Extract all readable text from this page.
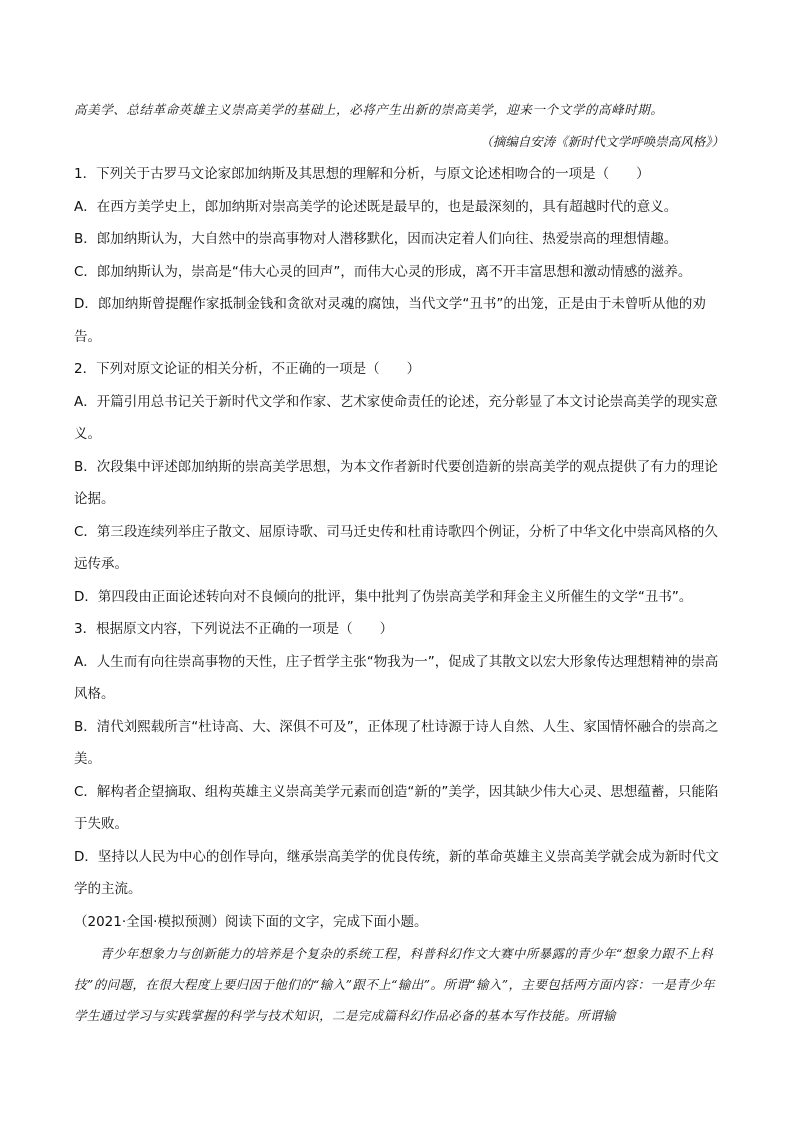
高美学、总结革命英雄主义崇高美学的基础上，必将产生出新的崇高美学，迎来一个文学的高峰时期。

（摘编自安涛《新时代文学呼唤崇高风格》）

1．下列关于古罗马文论家郎加纳斯及其思想的理解和分析，与原文论述相吻合的一项是（　　）

A．在西方美学史上，郎加纳斯对崇高美学的论述既是最早的，也是最深刻的，具有超越时代的意义。

B．郎加纳斯认为，大自然中的崇高事物对人潜移默化，因而决定着人们向往、热爱崇高的理想情趣。

C．郎加纳斯认为，崇高是“伟大心灵的回声”，而伟大心灵的形成，离不开丰富思想和激动情感的滋养。

D．郎加纳斯曾提醒作家抵制金钱和贪欲对灵魂的腐蚀，当代文学“丑书”的出笼，正是由于未曾听从他的劝告。

2．下列对原文论证的相关分析，不正确的一项是（　　）

A．开篇引用总书记关于新时代文学和作家、艺术家使命责任的论述，充分彰显了本文讨论崇高美学的现实意义。

B．次段集中评述郎加纳斯的崇高美学思想，为本文作者新时代要创造新的崇高美学的观点提供了有力的理论论据。

C．第三段连续列举庄子散文、屈原诗歌、司马迁史传和杜甫诗歌四个例证，分析了中华文化中崇高风格的久远传承。

D．第四段由正面论述转向对不良倾向的批评，集中批判了伪崇高美学和拜金主义所催生的文学“丑书”。

3．根据原文内容，下列说法不正确的一项是（　　）

A．人生而有向往崇高事物的天性，庄子哲学主张“物我为一”，促成了其散文以宏大形象传达理想精神的崇高风格。

B．清代刘熙载所言“杜诗高、大、深俱不可及”，正体现了杜诗源于诗人自然、人生、家国情怀融合的崇高之美。

C．解构者企望摘取、组构英雄主义崇高美学元素而创造“新的”美学，因其缺少伟大心灵、思想蕴蓄，只能陷于失败。

D．坚持以人民为中心的创作导向，继承崇高美学的优良传统，新的革命英雄主义崇高美学就会成为新时代文学的主流。

（2021·全国·模拟预测）阅读下面的文字，完成下面小题。

青少年想象力与创新能力的培养是个复杂的系统工程，科普科幻作文大赛中所暴露的青少年“想象力跟不上科技”的问题，在很大程度上要归因于他们的“输入”跟不上“输出”。所谓“输入”，主要包括两方面内容：一是青少年学生通过学习与实践掌握的科学与技术知识，二是完成篇科幻作品必备的基本写作技能。所谓输
